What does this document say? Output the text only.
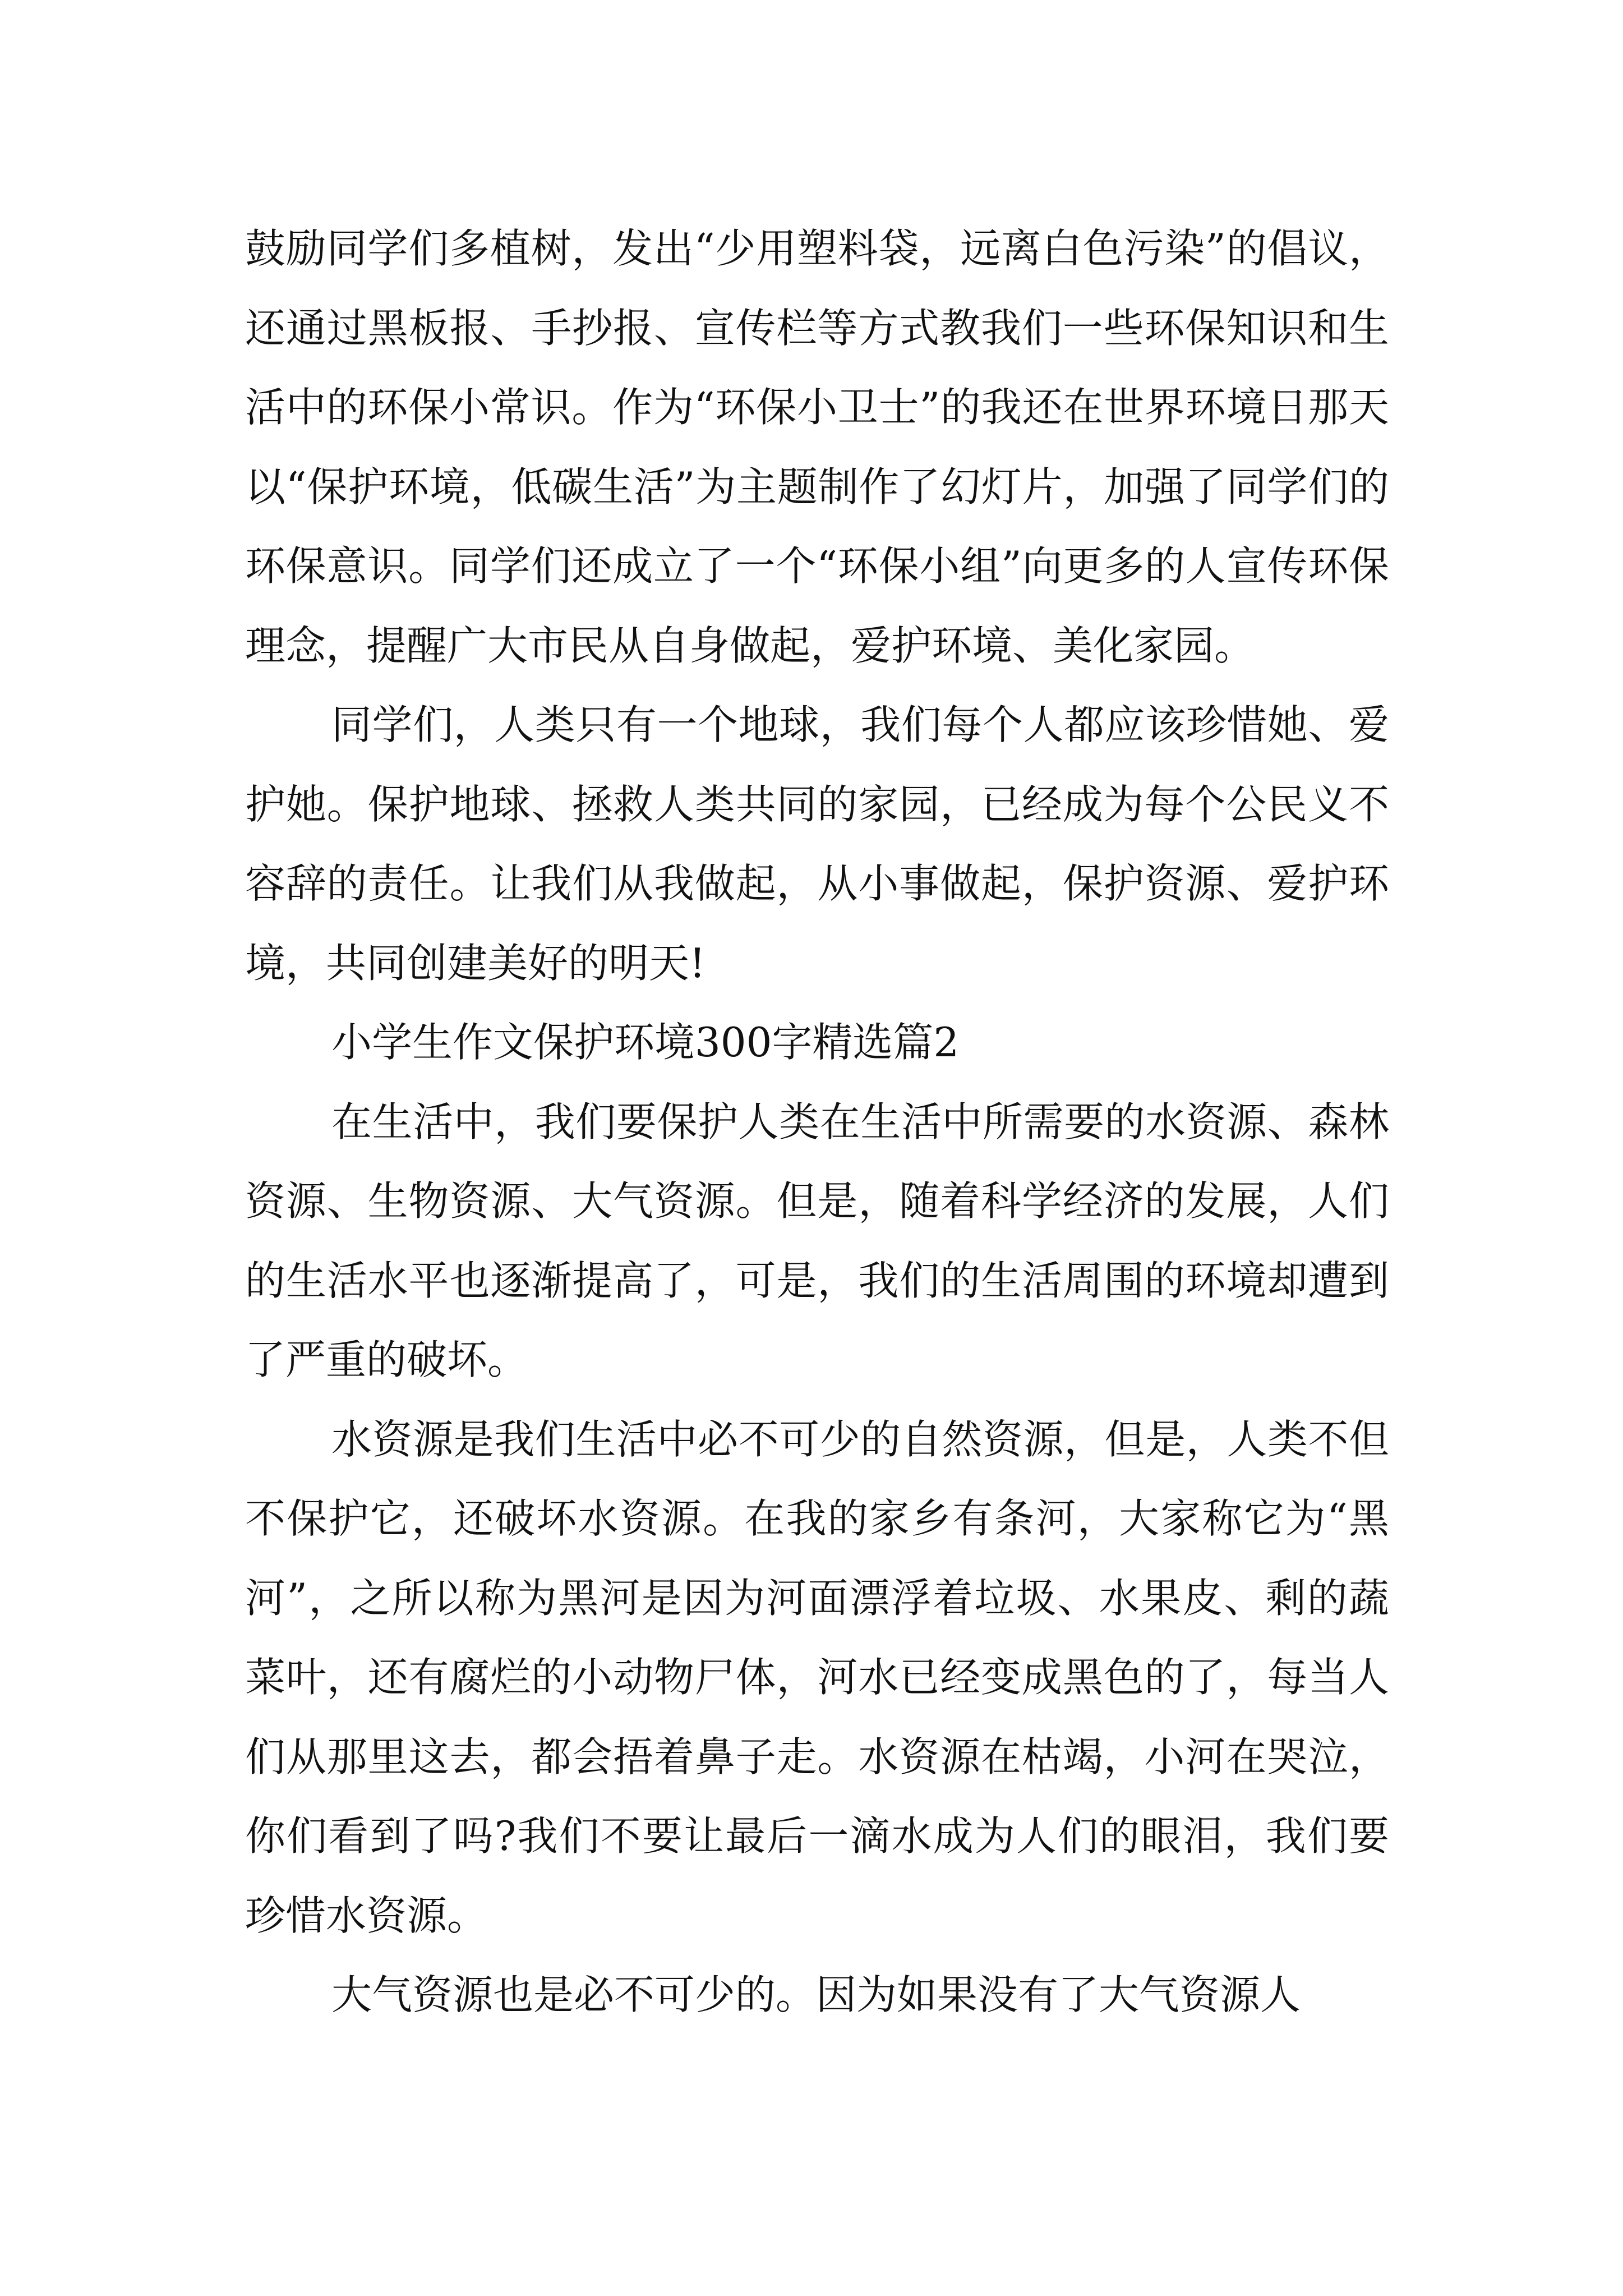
鼓励同学们多植树，发出“少用塑料袋，远离白色污染”的倡议，还通过黑板报、手抄报、宣传栏等方式教我们一些环保知识和生活中的环保小常识。作为“环保小卫士”的我还在世界环境日那天以“保护环境，低碳生活”为主题制作了幻灯片，加强了同学们的环保意识。同学们还成立了一个“环保小组”向更多的人宣传环保理念，提醒广大市民从自身做起，爱护环境、美化家园。

同学们，人类只有一个地球，我们每个人都应该珍惜她、爱护她。保护地球、拯救人类共同的家园，已经成为每个公民义不容辞的责任。让我们从我做起，从小事做起，保护资源、爱护环境，共同创建美好的明天!

小学生作文保护环境300字精选篇2

在生活中，我们要保护人类在生活中所需要的水资源、森林资源、生物资源、大气资源。但是，随着科学经济的发展，人们的生活水平也逐渐提高了，可是，我们的生活周围的环境却遭到了严重的破坏。

水资源是我们生活中必不可少的自然资源，但是，人类不但不保护它，还破坏水资源。在我的家乡有条河，大家称它为“黑河”，之所以称为黑河是因为河面漂浮着垃圾、水果皮、剩的蔬菜叶，还有腐烂的小动物尸体，河水已经变成黑色的了，每当人们从那里这去，都会捂着鼻子走。水资源在枯竭，小河在哭泣，你们看到了吗?我们不要让最后一滴水成为人们的眼泪，我们要珍惜水资源。

大气资源也是必不可少的。因为如果没有了大气资源人
